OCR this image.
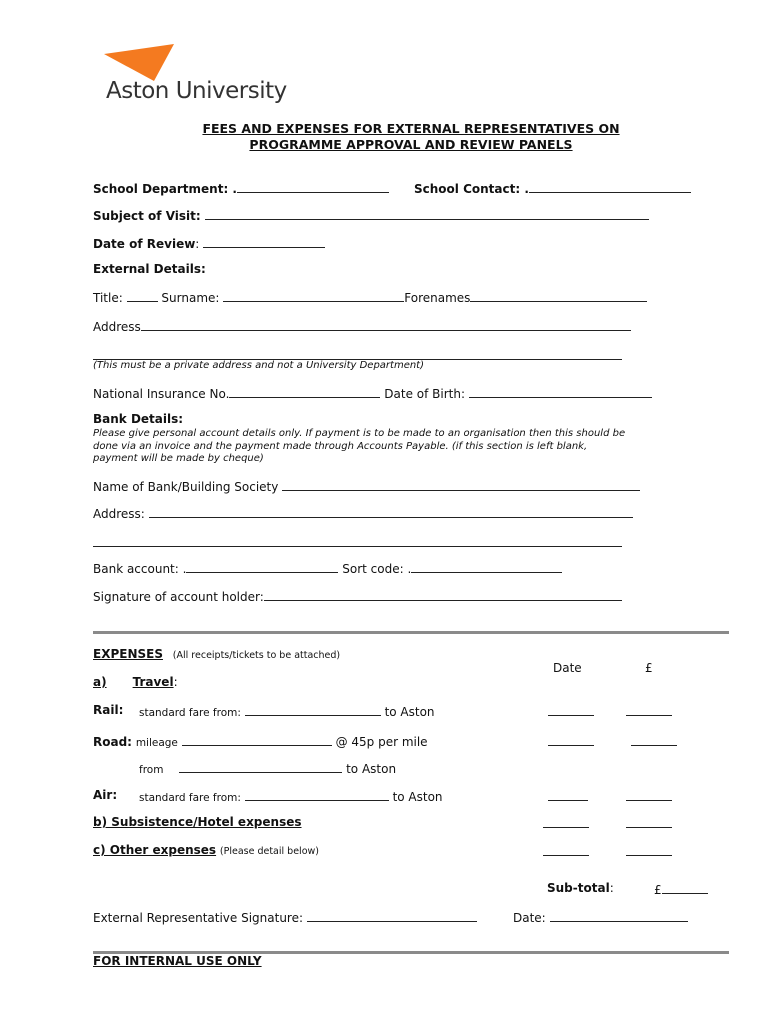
Aston University
FEES AND EXPENSES FOR EXTERNAL REPRESENTATIVES ON
PROGRAMME APPROVAL AND REVIEW PANELS
School Department: .	School Contact: .
Subject of Visit:
Date of Review:
External Details:
Title:	Surname:	Forenames
Address
(This must be a private address and not a University Department)
National Insurance No.	Date of Birth:
Bank Details:
Please give personal account details only. If payment is to be made to an organisation then this should be
done via an invoice and the payment made through Accounts Payable. (if this section is left blank,
payment will be made by cheque)
Name of Bank/Building Society
Address:
Bank account: .	Sort code: .
Signature of account holder:
EXPENSES (All receipts/tickets to be attached)
Date	£
a) Travel:
Rail: standard fare from:	to Aston
Road: mileage	@ 45p per mile
from	to Aston
Air: standard fare from:	to Aston
b) Subsistence/Hotel expenses
c) Other expenses (Please detail below)
Sub-total:	£
External Representative Signature:	Date:
FOR INTERNAL USE ONLY
